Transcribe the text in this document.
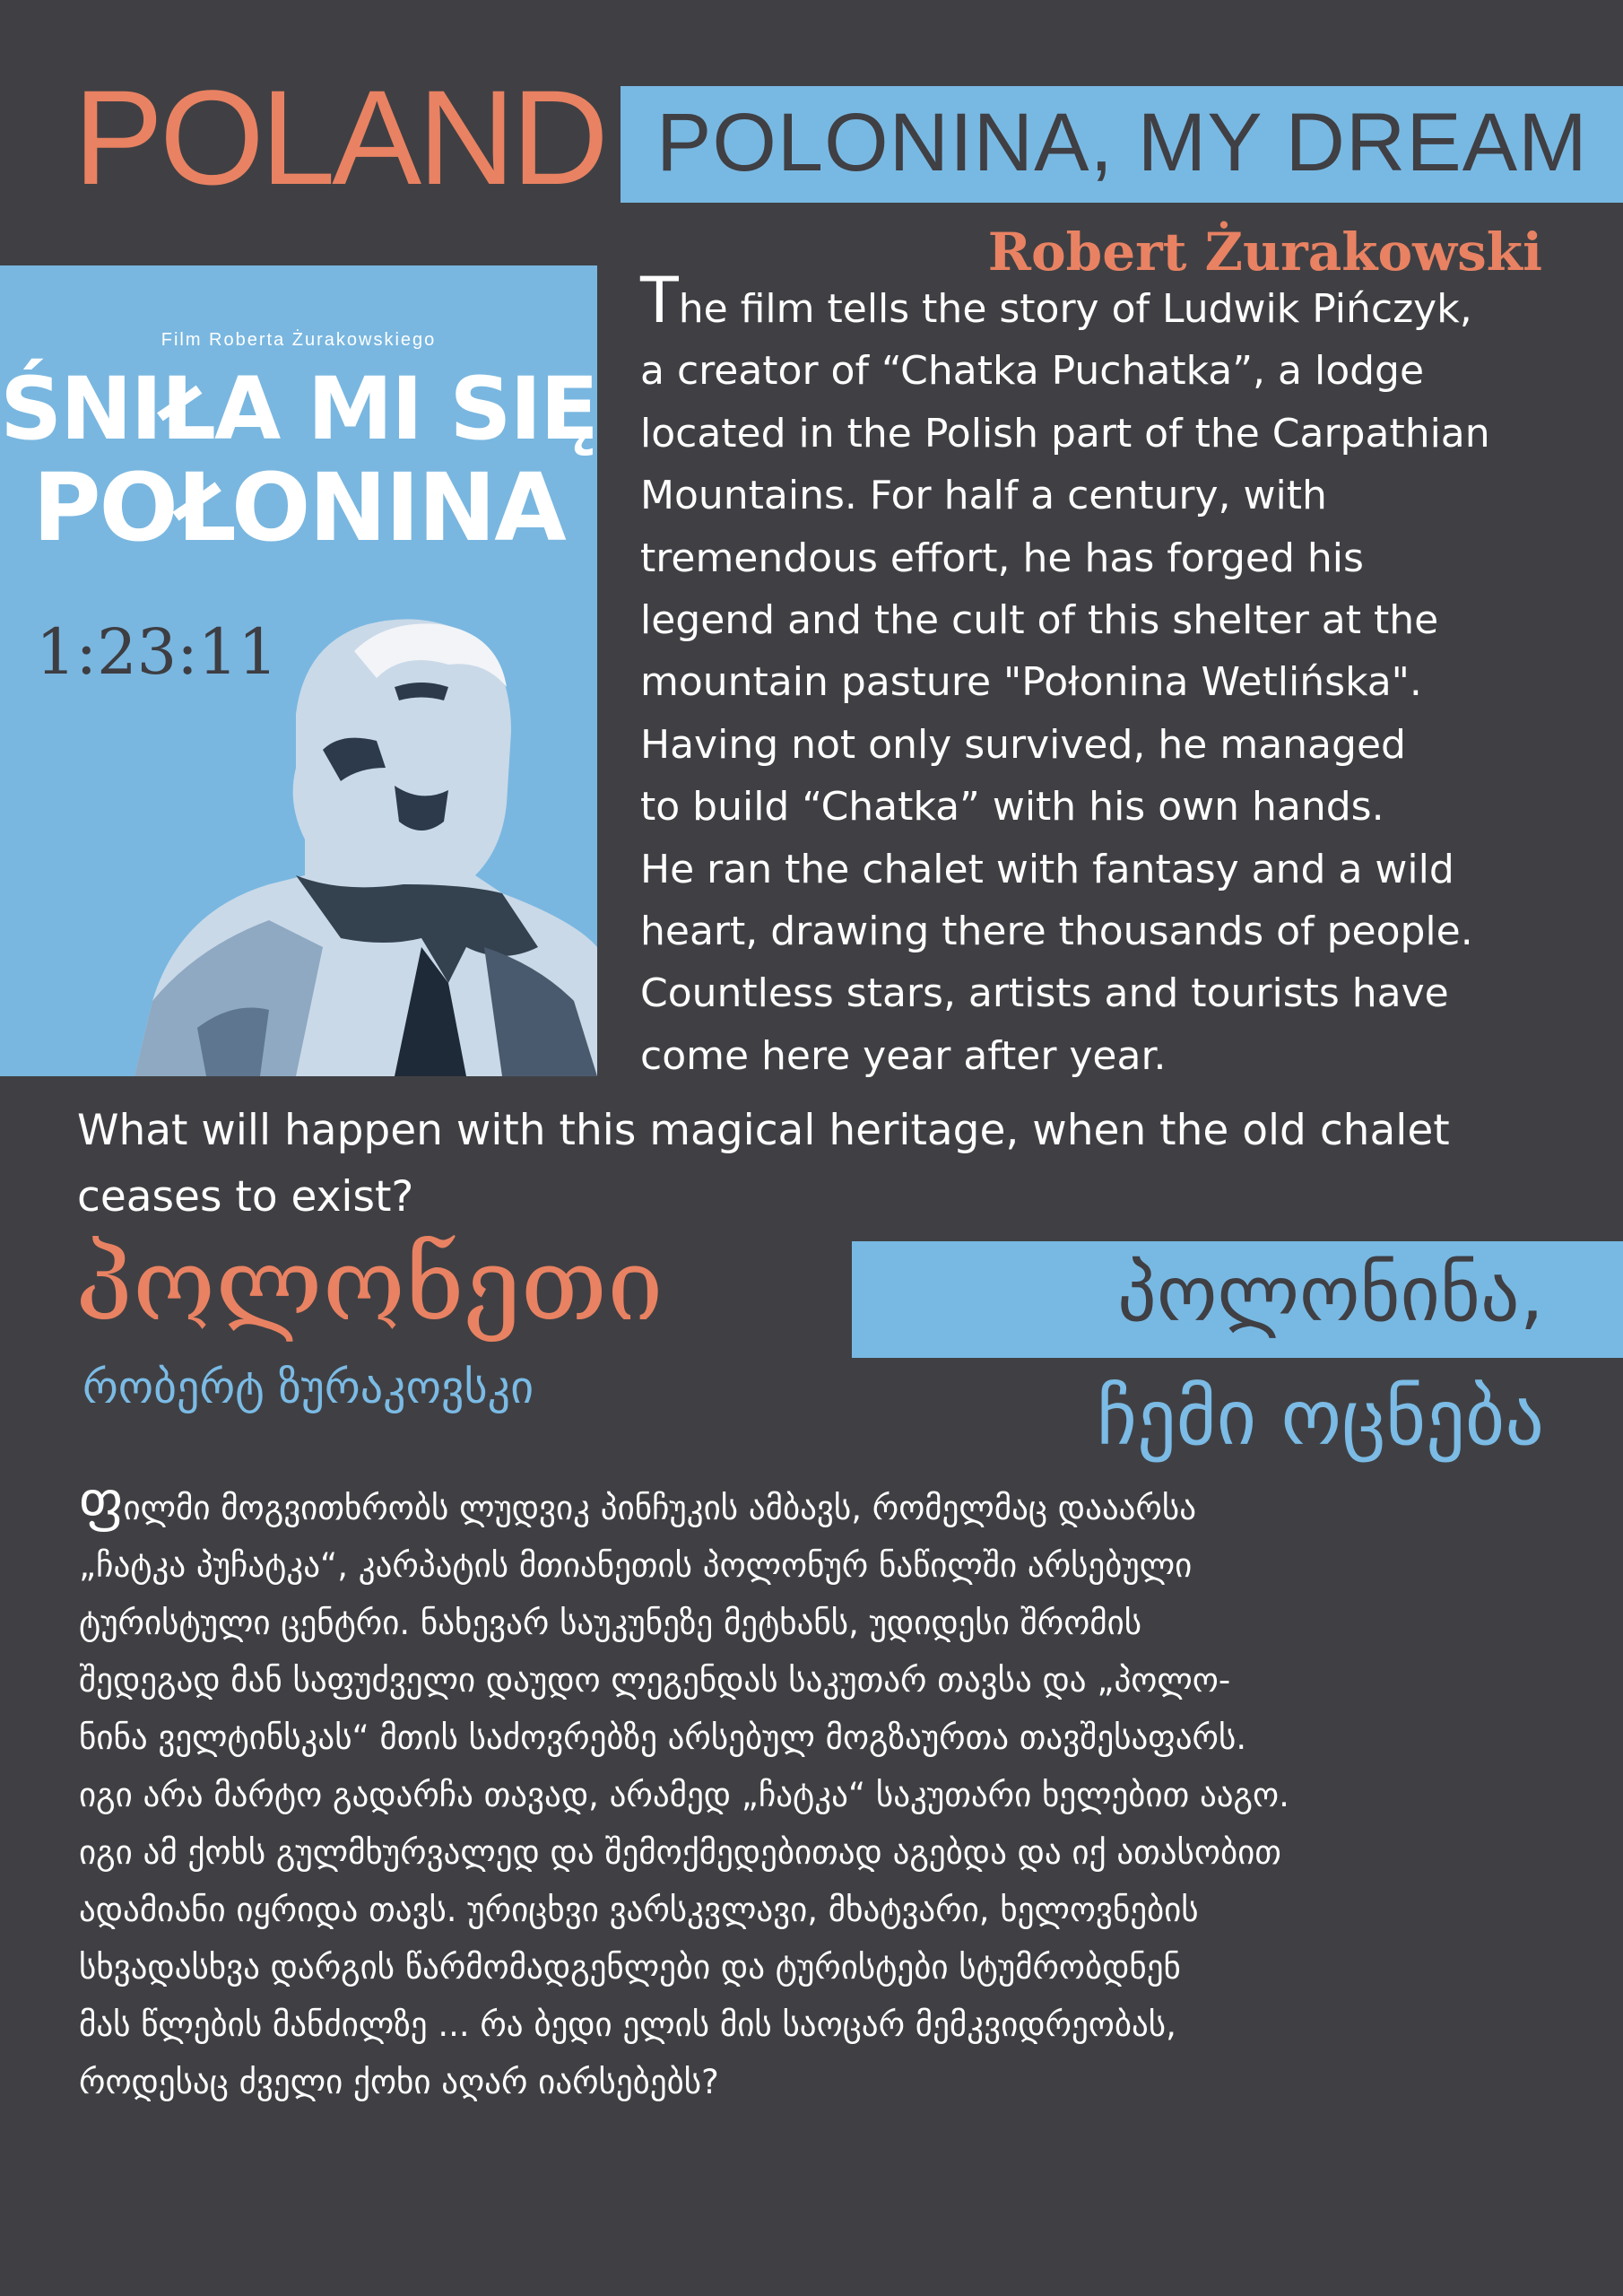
POLAND POLONINA, MY DREAM
Robert Żurakowski
Film Roberta Żurakowskiego
ŚNIŁA MI SIĘ
POŁONINA
1:23:11
The film tells the story of Ludwik Pińczyk,
a creator of “Chatka Puchatka”, a lodge
located in the Polish part of the Carpathian
Mountains. For half a century, with
tremendous effort, he has forged his
legend and the cult of this shelter at the
mountain pasture "Połonina Wetlińska".
Having not only survived, he managed
to build “Chatka” with his own hands.
He ran the chalet with fantasy and a wild
heart, drawing there thousands of people.
Countless stars, artists and tourists have
come here year after year.
What will happen with this magical heritage, when the old chalet
ceases to exist?
პოლონეთი	პოლონინა,
ჩემი ოცნება
რობერტ ზურაკოვსკი
ფილმი მოგვითხრობს ლუდვიკ პინჩუკის ამბავს, რომელმაც დააარსა
„ჩატკა პუჩატკა“, კარპატის მთიანეთის პოლონურ ნაწილში არსებული
ტურისტული ცენტრი. ნახევარ საუკუნეზე მეტხანს, უდიდესი შრომის
შედეგად მან საფუძველი დაუდო ლეგენდას საკუთარ თავსა და „პოლო-
ნინა ველტინსკას“ მთის საძოვრებზე არსებულ მოგზაურთა თავშესაფარს.
იგი არა მარტო გადარჩა თავად, არამედ „ჩატკა“ საკუთარი ხელებით ააგო.
იგი ამ ქოხს გულმხურვალედ და შემოქმედებითად აგებდა და იქ ათასობით
ადამიანი იყრიდა თავს. ურიცხვი ვარსკვლავი, მხატვარი, ხელოვნების
სხვადასხვა დარგის წარმომადგენლები და ტურისტები სტუმრობდნენ
მას წლების მანძილზე ... რა ბედი ელის მის საოცარ მემკვიდრეობას,
როდესაც ძველი ქოხი აღარ იარსებებს?
